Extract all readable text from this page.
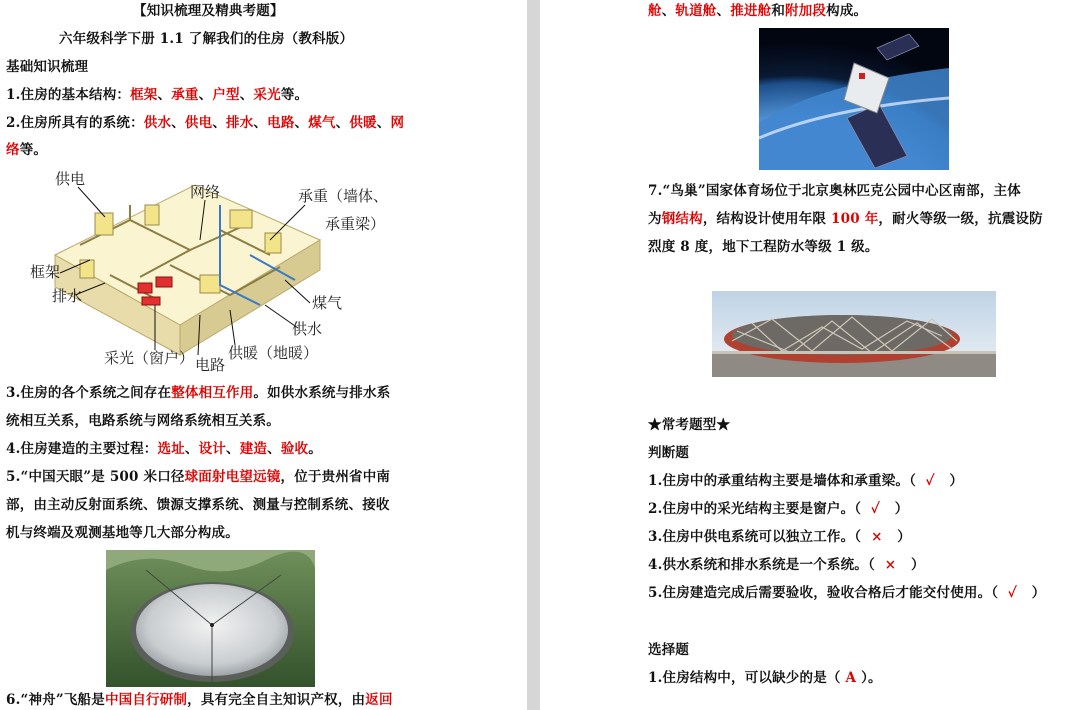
【知识梳理及精典考题】
六年级科学下册 1.1 了解我们的住房（教科版）
基础知识梳理
1.住房的基本结构：框架、承重、户型、采光等。
2.住房所具有的系统：供水、供电、排水、电路、煤气、供暖、网
络等。
供电
网络	承重（墙体、
承重梁）
框架
排水	煤气
供水
采光（窗户） 电路
供暖（地暖）
3.住房的各个系统之间存在整体相互作用。如供水系统与排水系
统相互关系，电路系统与网络系统相互关系。
4.住房建造的主要过程：选址、设计、建造、验收。
5.“中国天眼”是 500 米口径球面射电望远镜，位于贵州省中南
部，由主动反射面系统、馈源支撑系统、测量与控制系统、接收
机与终端及观测基地等几大部分构成。
6.“神舟”飞船是中国自行研制，具有完全自主知识产权，由返回
舱、轨道舱、推进舱和附加段构成。
7.“鸟巢”国家体育场位于北京奥林匹克公园中心区南部，主体
为钢结构，结构设计使用年限 100 年，耐火等级一级，抗震设防
烈度 8 度，地下工程防水等级 1 级。
★常考题型★
判断题
1.住房中的承重结构主要是墙体和承重梁。（ ✓ ）
2.住房中的采光结构主要是窗户。（ ✓ ）
3.住房中供电系统可以独立工作。（ × ）
4.供水系统和排水系统是一个系统。（ × ）
5.住房建造完成后需要验收，验收合格后才能交付使用。（ ✓ ）
选择题
1.住房结构中，可以缺少的是（ A ）。
